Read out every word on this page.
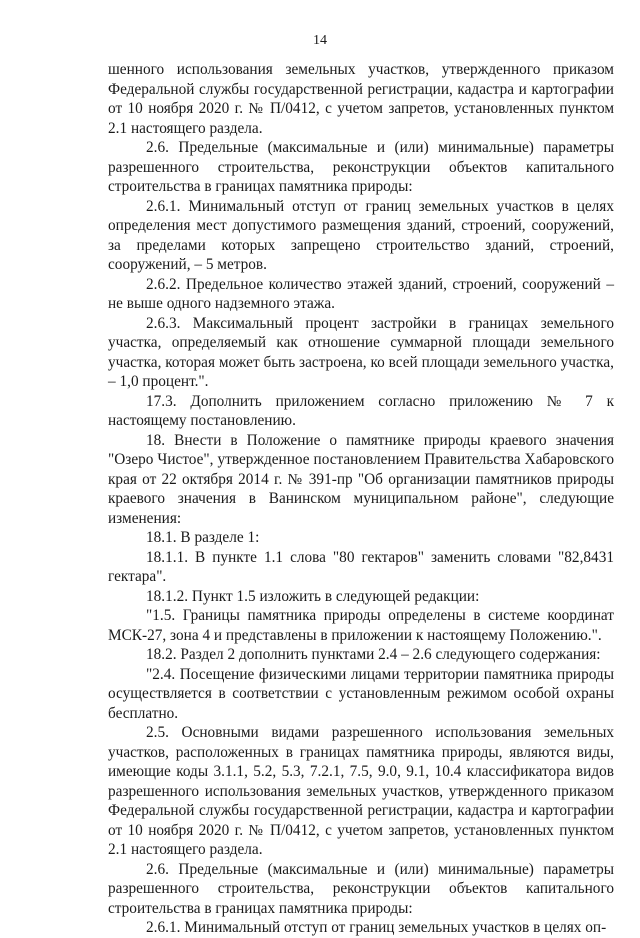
14

шенного использования земельных участков, утвержденного приказом Федеральной службы государственной регистрации, кадастра и картографии от 10 ноября 2020 г. № П/0412, с учетом запретов, установленных пунктом 2.1 настоящего раздела.

2.6. Предельные (максимальные и (или) минимальные) параметры разрешенного строительства, реконструкции объектов капитального строительства в границах памятника природы:

2.6.1. Минимальный отступ от границ земельных участков в целях определения мест допустимого размещения зданий, строений, сооружений, за пределами которых запрещено строительство зданий, строений, сооружений, – 5 метров.

2.6.2. Предельное количество этажей зданий, строений, сооружений – не выше одного надземного этажа.

2.6.3. Максимальный процент застройки в границах земельного участка, определяемый как отношение суммарной площади земельного участка, которая может быть застроена, ко всей площади земельного участка, – 1,0 процент.".

17.3. Дополнить приложением согласно приложению № 7 к настоящему постановлению.

18. Внести в Положение о памятнике природы краевого значения "Озеро Чистое", утвержденное постановлением Правительства Хабаровского края от 22 октября 2014 г. № 391-пр "Об организации памятников природы краевого значения в Ванинском муниципальном районе", следующие изменения:

18.1. В разделе 1:

18.1.1. В пункте 1.1 слова "80 гектаров" заменить словами "82,8431 гектара".

18.1.2. Пункт 1.5 изложить в следующей редакции:

"1.5. Границы памятника природы определены в системе координат МСК-27, зона 4 и представлены в приложении к настоящему Положению.".

18.2. Раздел 2 дополнить пунктами 2.4 – 2.6 следующего содержания:

"2.4. Посещение физическими лицами территории памятника природы осуществляется в соответствии с установленным режимом особой охраны бесплатно.

2.5. Основными видами разрешенного использования земельных участков, расположенных в границах памятника природы, являются виды, имеющие коды 3.1.1, 5.2, 5.3, 7.2.1, 7.5, 9.0, 9.1, 10.4 классификатора видов разрешенного использования земельных участков, утвержденного приказом Федеральной службы государственной регистрации, кадастра и картографии от 10 ноября 2020 г. № П/0412, с учетом запретов, установленных пунктом 2.1 настоящего раздела.

2.6. Предельные (максимальные и (или) минимальные) параметры разрешенного строительства, реконструкции объектов капитального строительства в границах памятника природы:

2.6.1. Минимальный отступ от границ земельных участков в целях оп-
